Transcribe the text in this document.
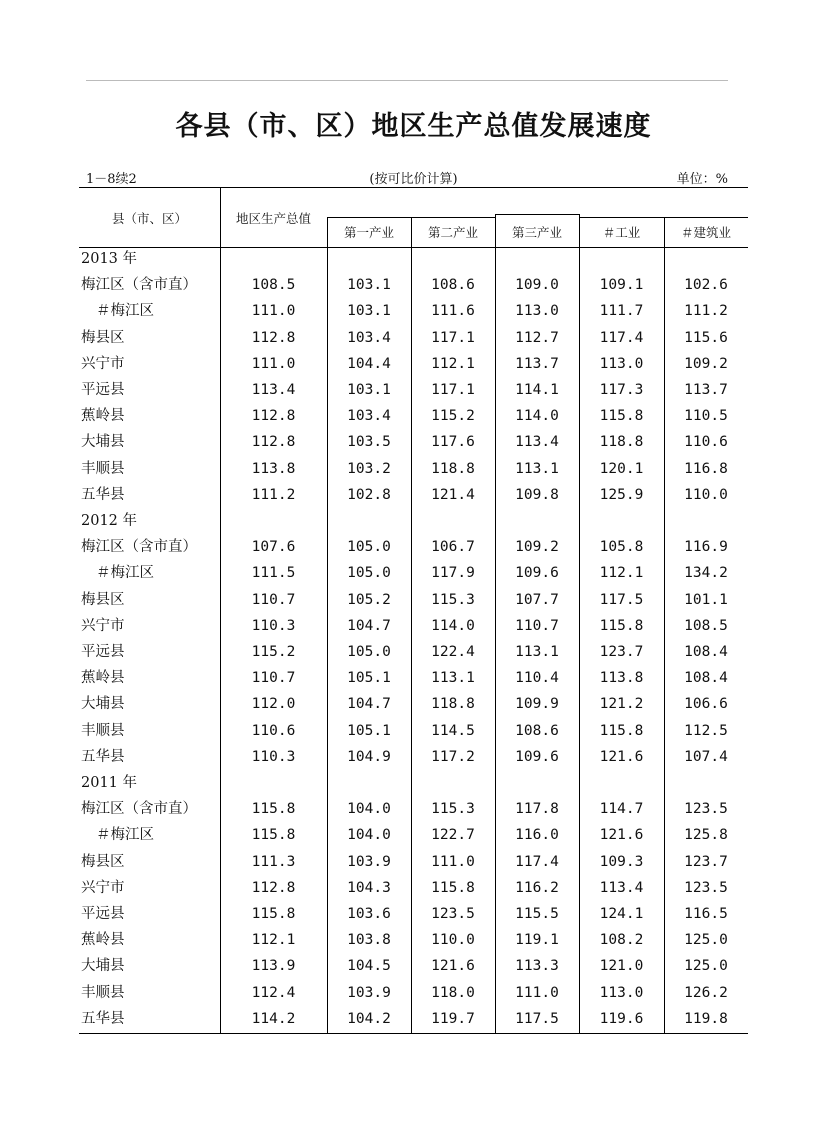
各县（市、区）地区生产总值发展速度
1－8续2	(按可比价计算)	单位：%
县（市、区）	地区生产总值
第一产业	第二产业	第三产业	＃工业	＃建筑业
2013 年
梅江区（含市直）	108.5	103.1	108.6	109.0	109.1	102.6
＃梅江区	111.0	103.1	111.6	113.0	111.7	111.2
梅县区	112.8	103.4	117.1	112.7	117.4	115.6
兴宁市	111.0	104.4	112.1	113.7	113.0	109.2
平远县	113.4	103.1	117.1	114.1	117.3	113.7
蕉岭县	112.8	103.4	115.2	114.0	115.8	110.5
大埔县	112.8	103.5	117.6	113.4	118.8	110.6
丰顺县	113.8	103.2	118.8	113.1	120.1	116.8
五华县	111.2	102.8	121.4	109.8	125.9	110.0
2012 年
梅江区（含市直）	107.6	105.0	106.7	109.2	105.8	116.9
＃梅江区	111.5	105.0	117.9	109.6	112.1	134.2
梅县区	110.7	105.2	115.3	107.7	117.5	101.1
兴宁市	110.3	104.7	114.0	110.7	115.8	108.5
平远县	115.2	105.0	122.4	113.1	123.7	108.4
蕉岭县	110.7	105.1	113.1	110.4	113.8	108.4
大埔县	112.0	104.7	118.8	109.9	121.2	106.6
丰顺县	110.6	105.1	114.5	108.6	115.8	112.5
五华县	110.3	104.9	117.2	109.6	121.6	107.4
2011 年
梅江区（含市直）	115.8	104.0	115.3	117.8	114.7	123.5
＃梅江区	115.8	104.0	122.7	116.0	121.6	125.8
梅县区	111.3	103.9	111.0	117.4	109.3	123.7
兴宁市	112.8	104.3	115.8	116.2	113.4	123.5
平远县	115.8	103.6	123.5	115.5	124.1	116.5
蕉岭县	112.1	103.8	110.0	119.1	108.2	125.0
大埔县	113.9	104.5	121.6	113.3	121.0	125.0
丰顺县	112.4	103.9	118.0	111.0	113.0	126.2
五华县	114.2	104.2	119.7	117.5	119.6	119.8
